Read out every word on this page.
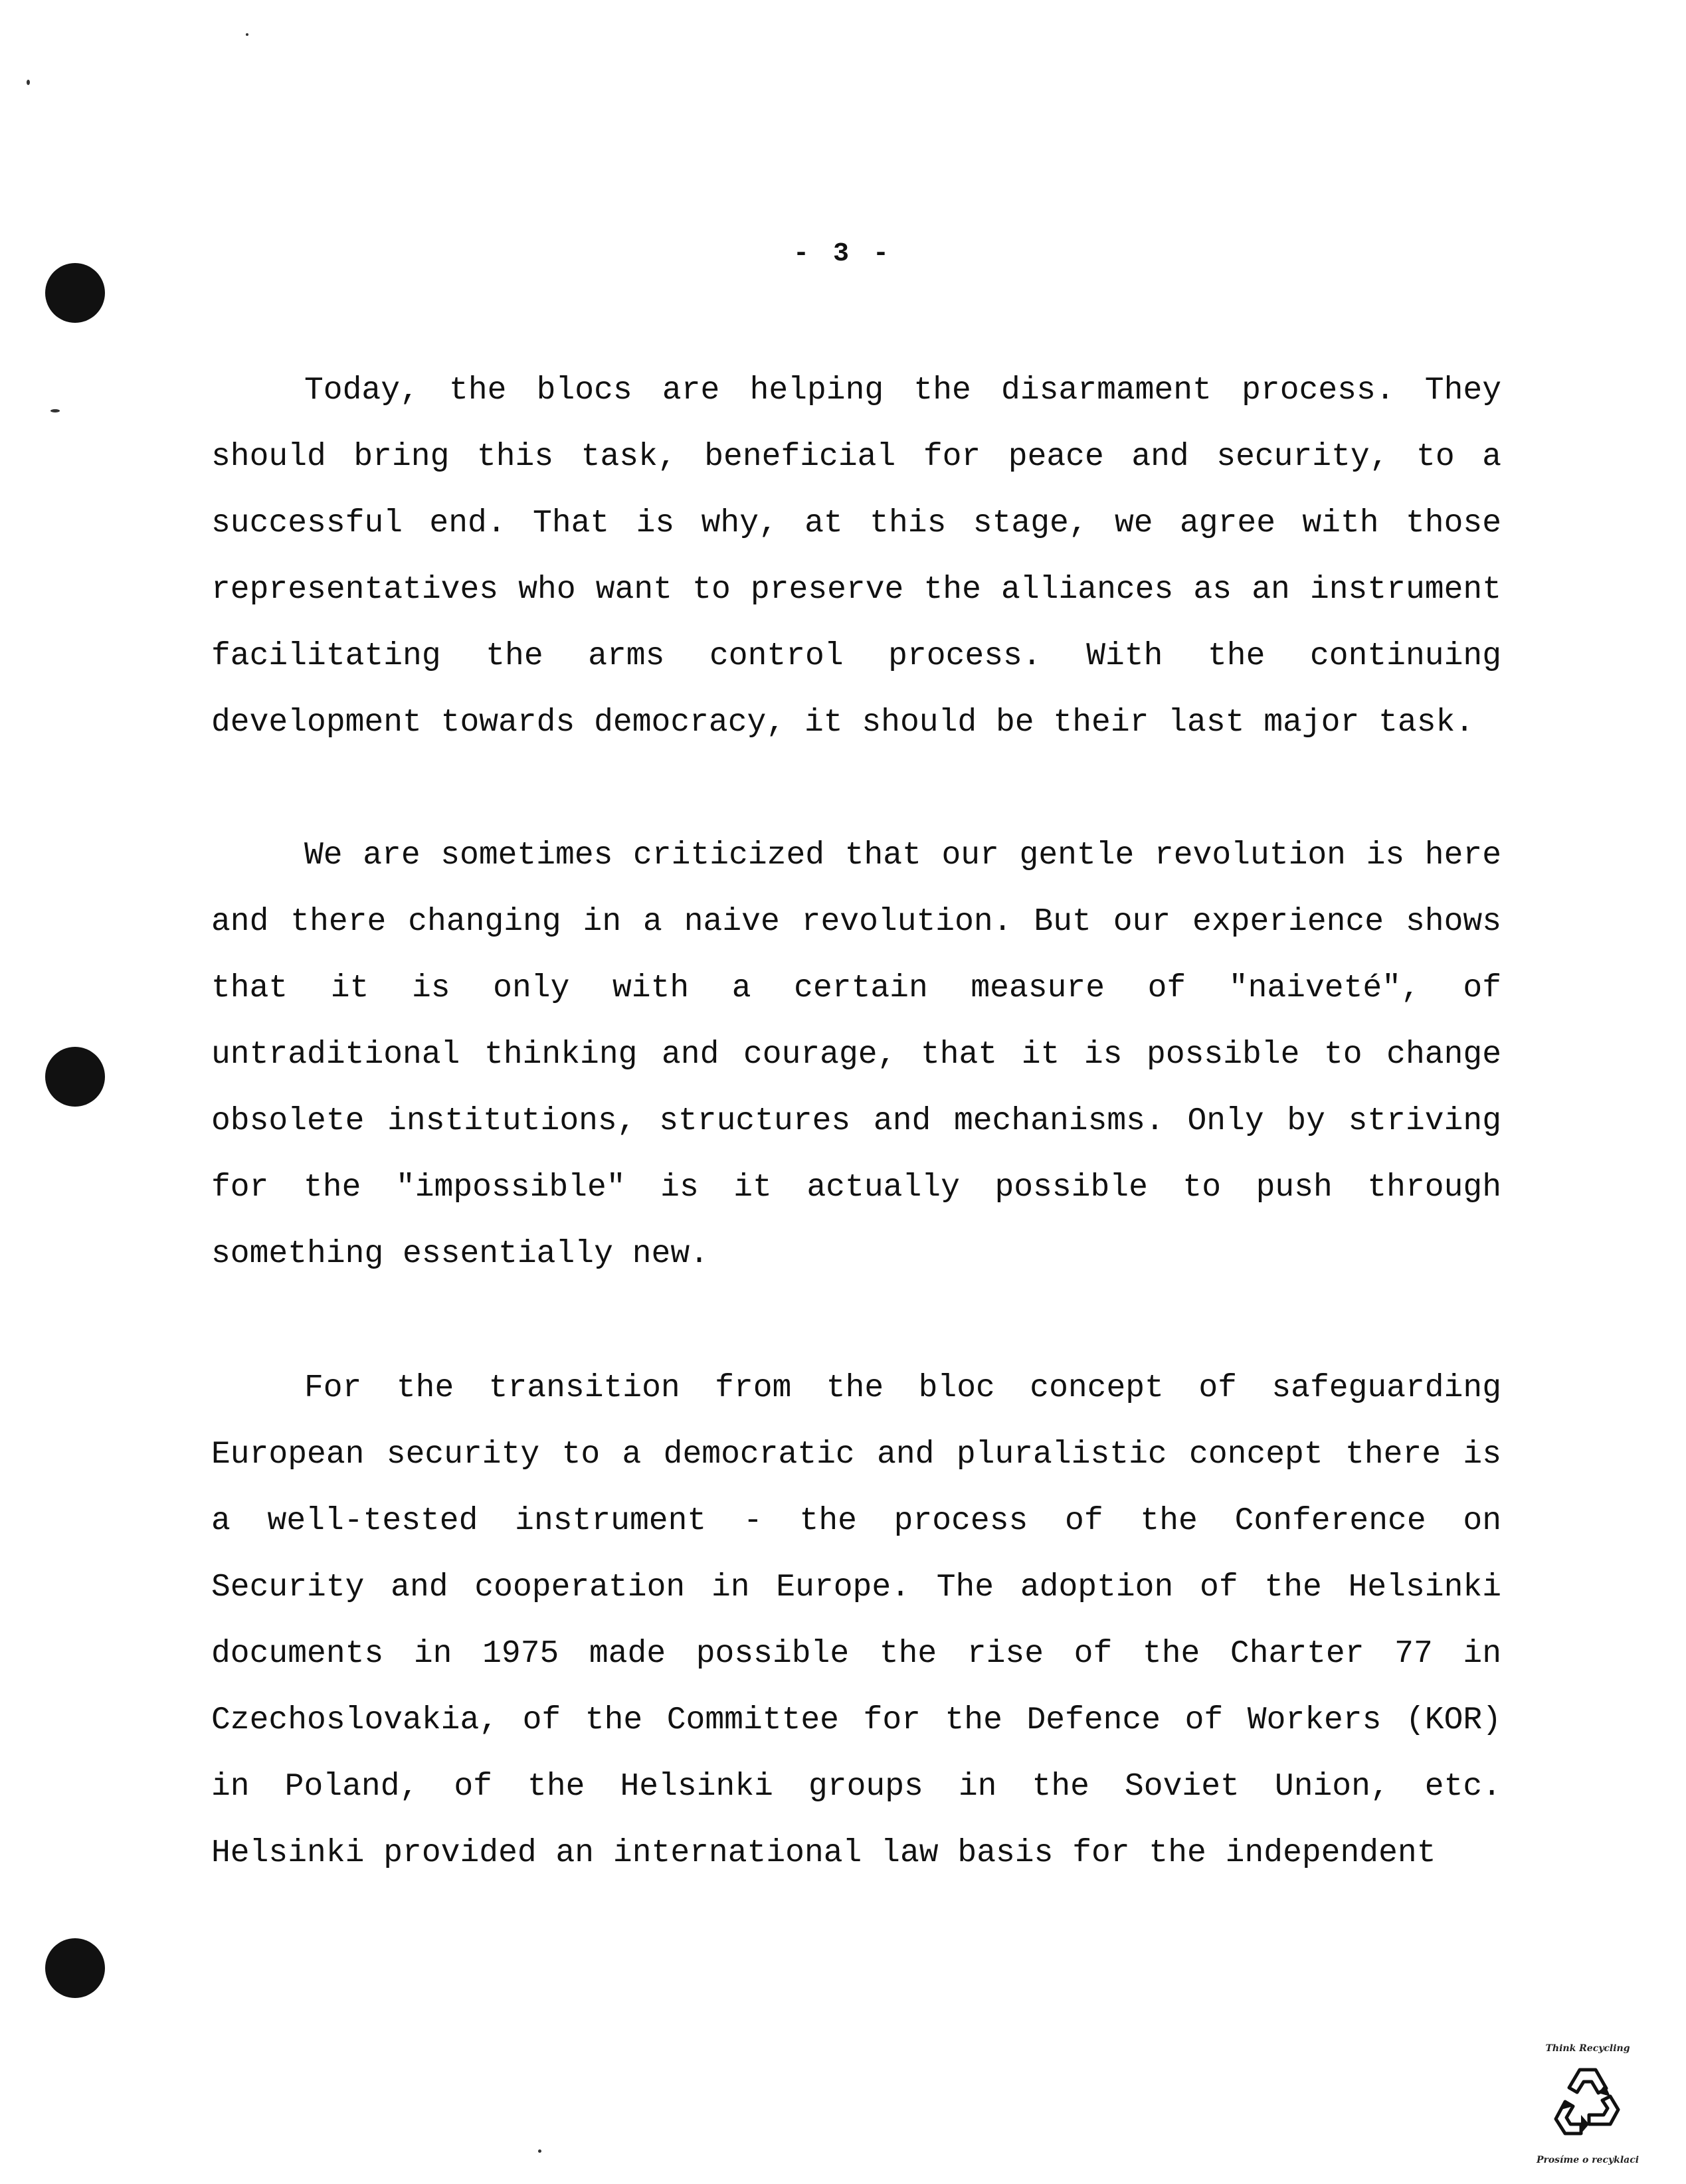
- 3 -

Today, the blocs are helping the disarmament process. They should bring this task, beneficial for peace and security, to a successful end. That is why, at this stage, we agree with those representatives who want to preserve the alliances as an instrument facilitating the arms control process. With the continuing development towards democracy, it should be their last major task.

We are sometimes criticized that our gentle revolution is here and there changing in a naive revolution. But our experience shows that it is only with a certain measure of "naiveté", of untraditional thinking and courage, that it is possible to change obsolete institutions, structures and mechanisms. Only by striving for the "impossible" is it actually possible to push through something essentially new.

For the transition from the bloc concept of safeguarding European security to a democratic and pluralistic concept there is a well-tested instrument - the process of the Conference on Security and cooperation in Europe. The adoption of the Helsinki documents in 1975 made possible the rise of the Charter 77 in Czechoslovakia, of the Committee for the Defence of Workers (KOR) in Poland, of the Helsinki groups in the Soviet Union, etc. Helsinki provided an international law basis for the independent

Think Recycling
Prosíme o recyklaci
